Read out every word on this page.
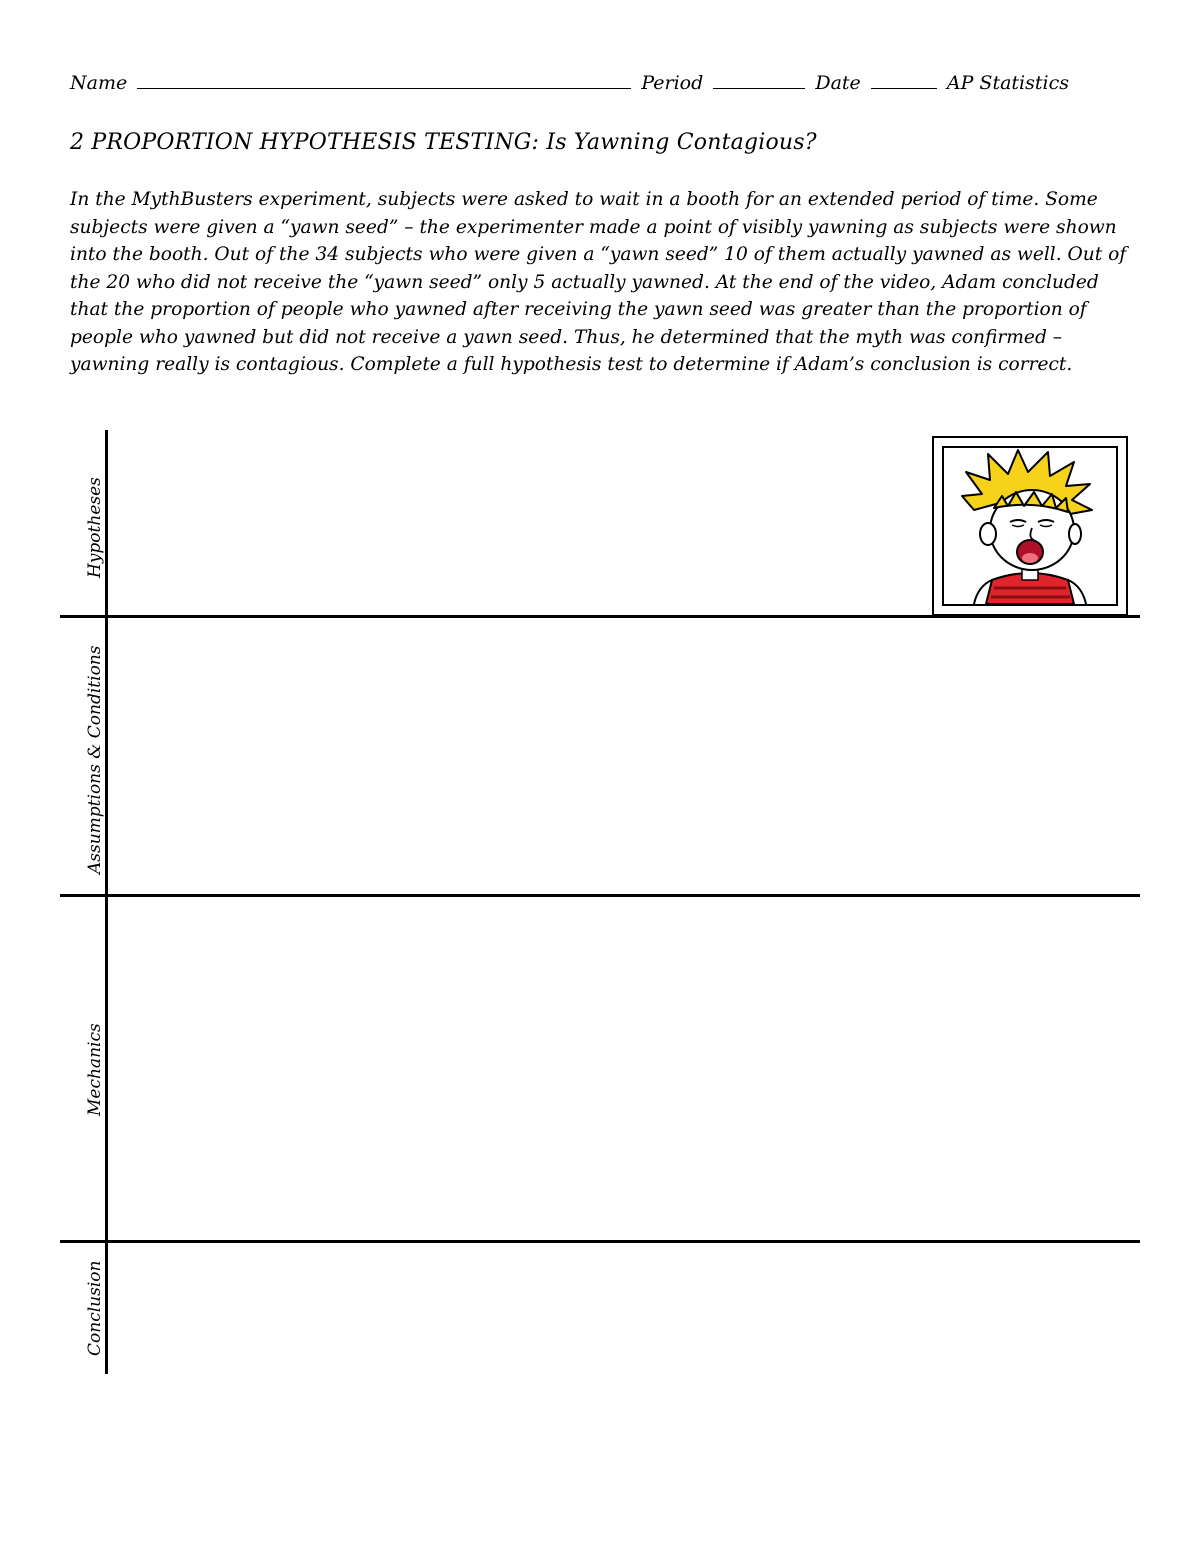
Name	Period	Date	AP Statistics
2 PROPORTION HYPOTHESIS TESTING: Is Yawning Contagious?
In the MythBusters experiment, subjects were asked to wait in a booth for an extended period of time. Some subjects were given a “yawn seed” – the experimenter made a point of visibly yawning as subjects were shown into the booth. Out of the 34 subjects who were given a “yawn seed” 10 of them actually yawned as well. Out of the 20 who did not receive the “yawn seed” only 5 actually yawned. At the end of the video, Adam concluded that the proportion of people who yawned after receiving the yawn seed was greater than the proportion of people who yawned but did not receive a yawn seed. Thus, he determined that the myth was confirmed – yawning really is contagious. Complete a full hypothesis test to determine if Adam’s conclusion is correct.
Hypotheses
Assumptions & Conditions
Mechanics
Conclusion
